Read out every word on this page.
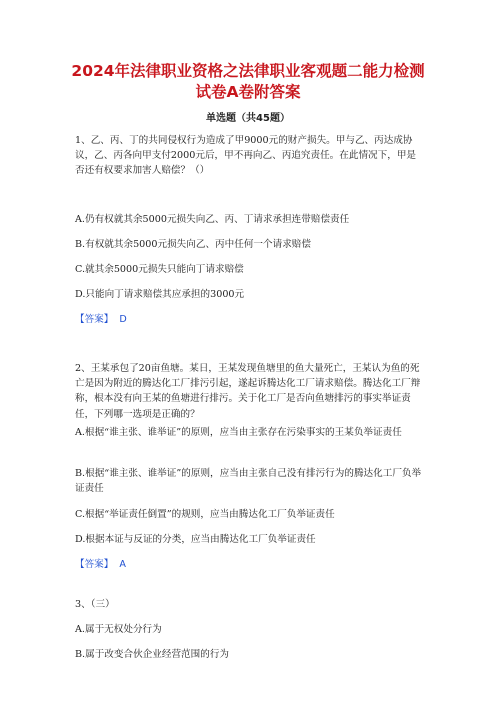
2024年法律职业资格之法律职业客观题二能力检测
试卷A卷附答案
单选题（共45题）

1、乙、丙、丁的共同侵权行为造成了甲9000元的财产损失。甲与乙、丙达成协议，乙、丙各向甲支付2000元后，甲不再向乙、丙追究责任。在此情况下，甲是否还有权要求加害人赔偿？（）

A.仍有权就其余5000元损失向乙、丙、丁请求承担连带赔偿责任

B.有权就其余5000元损失向乙、丙中任何一个请求赔偿

C.就其余5000元损失只能向丁请求赔偿

D.只能向丁请求赔偿其应承担的3000元

【答案】 D

2、王某承包了20亩鱼塘。某日，王某发现鱼塘里的鱼大量死亡，王某认为鱼的死亡是因为附近的腾达化工厂排污引起，遂起诉腾达化工厂请求赔偿。腾达化工厂辩称，根本没有向王某的鱼塘进行排污。关于化工厂是否向鱼塘排污的事实举证责任，下列哪一选项是正确的？

A.根据“谁主张、谁举证”的原则，应当由主张存在污染事实的王某负举证责任

B.根据“谁主张、谁举证”的原则，应当由主张自己没有排污行为的腾达化工厂负举证责任

C.根据“举证责任倒置”的规则，应当由腾达化工厂负举证责任

D.根据本证与反证的分类，应当由腾达化工厂负举证责任

【答案】 A

3、（三）

A.属于无权处分行为

B.属于改变合伙企业经营范围的行为
